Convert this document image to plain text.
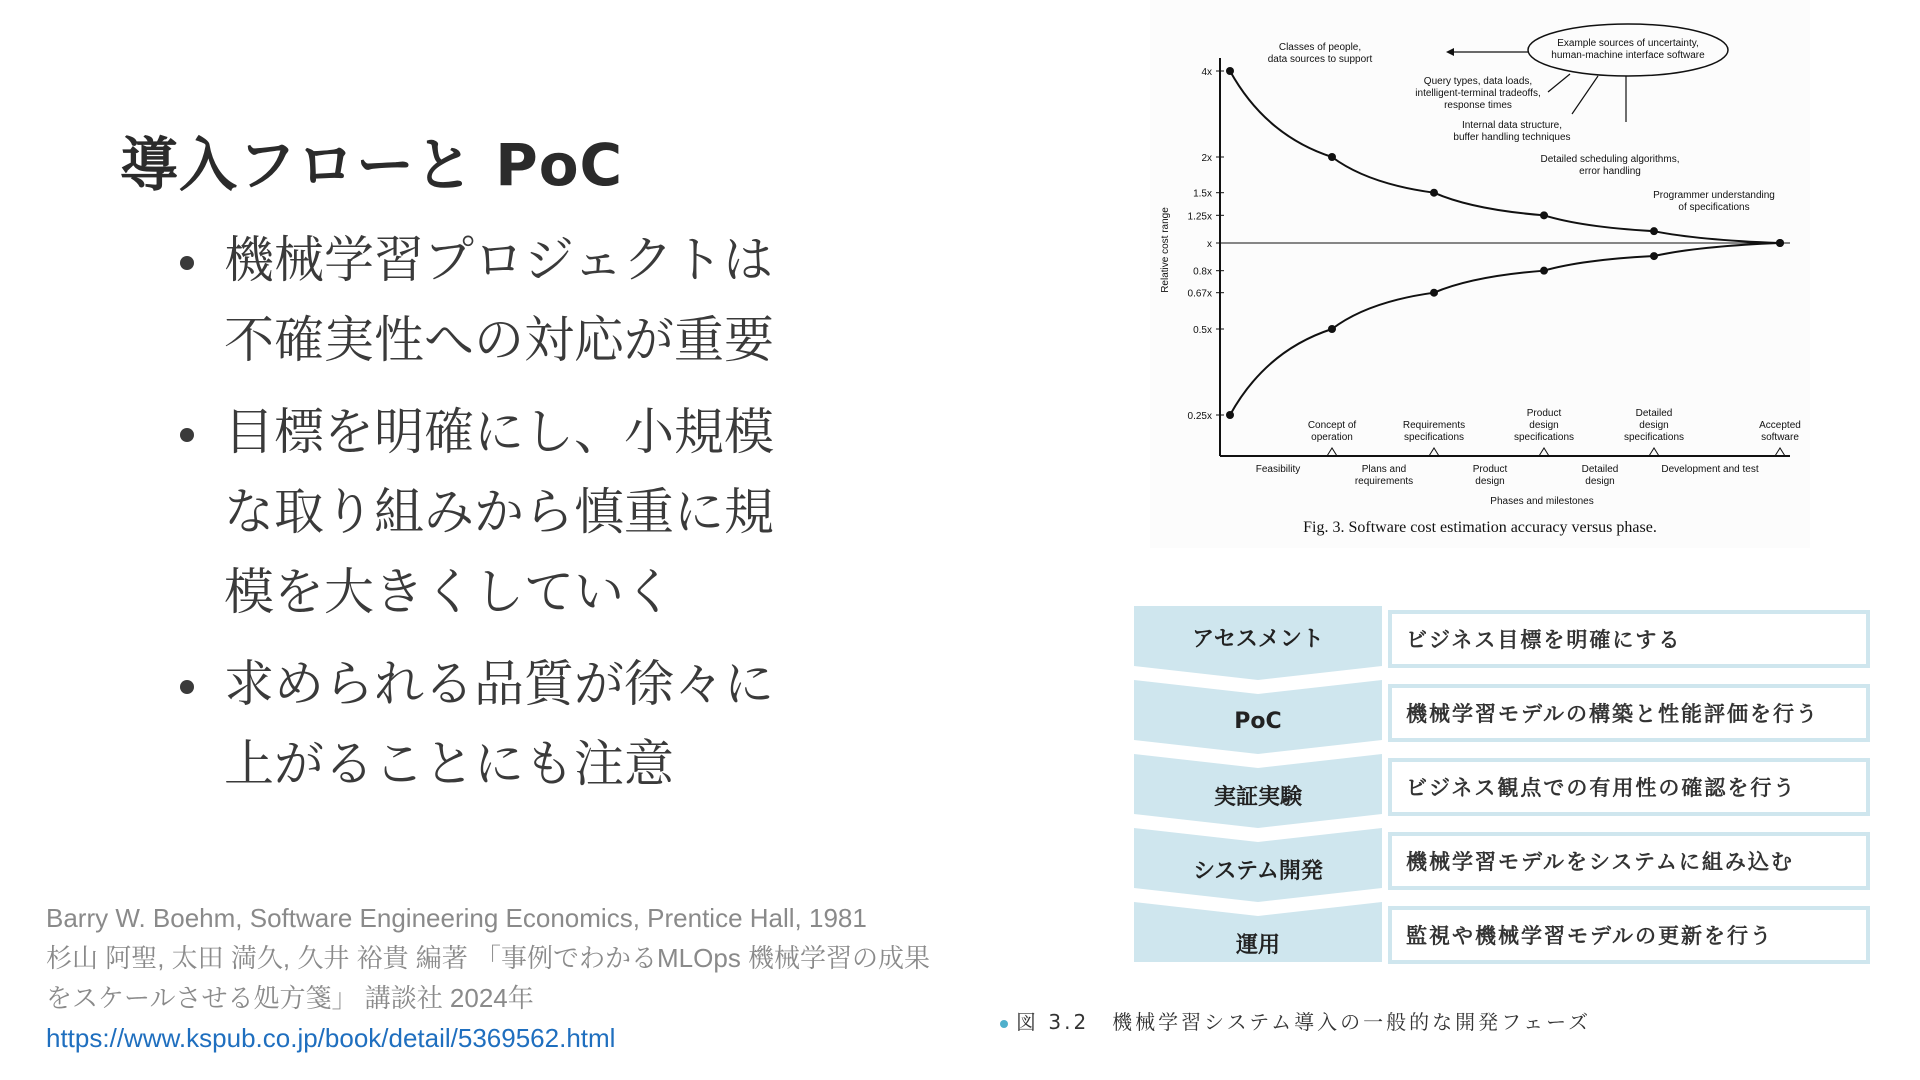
導入フローと PoC
機械学習プロジェクトは
不確実性への対応が重要
目標を明確にし、小規模
な取り組みから慎重に規
模を大きくしていく
求められる品質が徐々に
上がることにも注意
Barry W. Boehm, Software Engineering Economics, Prentice Hall, 1981
杉山 阿聖, 太田 満久, 久井 裕貴 編著 「事例でわかるMLOps 機械学習の成果
をスケールさせる処方箋」 講談社 2024年
https://www.kspub.co.jp/book/detail/5369562.html
4x
2x
1.5x
1.25x
x
0.8x
0.67x
0.5x
0.25x
Relative cost range
Classes of people,
data sources to support
Example sources of uncertainty,
human-machine interface software
Query types, data loads,
intelligent-terminal tradeoffs,
response times
Internal data structure,
buffer handling techniques
Detailed scheduling algorithms,
error handling
Programmer understanding
of specifications
Concept of
operation
Requirements
specifications
Product
design
specifications
Detailed
design
specifications
Accepted
software
Feasibility	Plans and
requirements
Product
design
Detailed
design
Development and test
Phases and milestones
Fig. 3. Software cost estimation accuracy versus phase.
アセスメント	ビジネス目標を明確にする
PoC	機械学習モデルの構築と性能評価を行う
実証実験	ビジネス観点での有用性の確認を行う
システム開発	機械学習モデルをシステムに組み込む
運用	監視や機械学習モデルの更新を行う
図 3.2　機械学習システム導入の一般的な開発フェーズ
